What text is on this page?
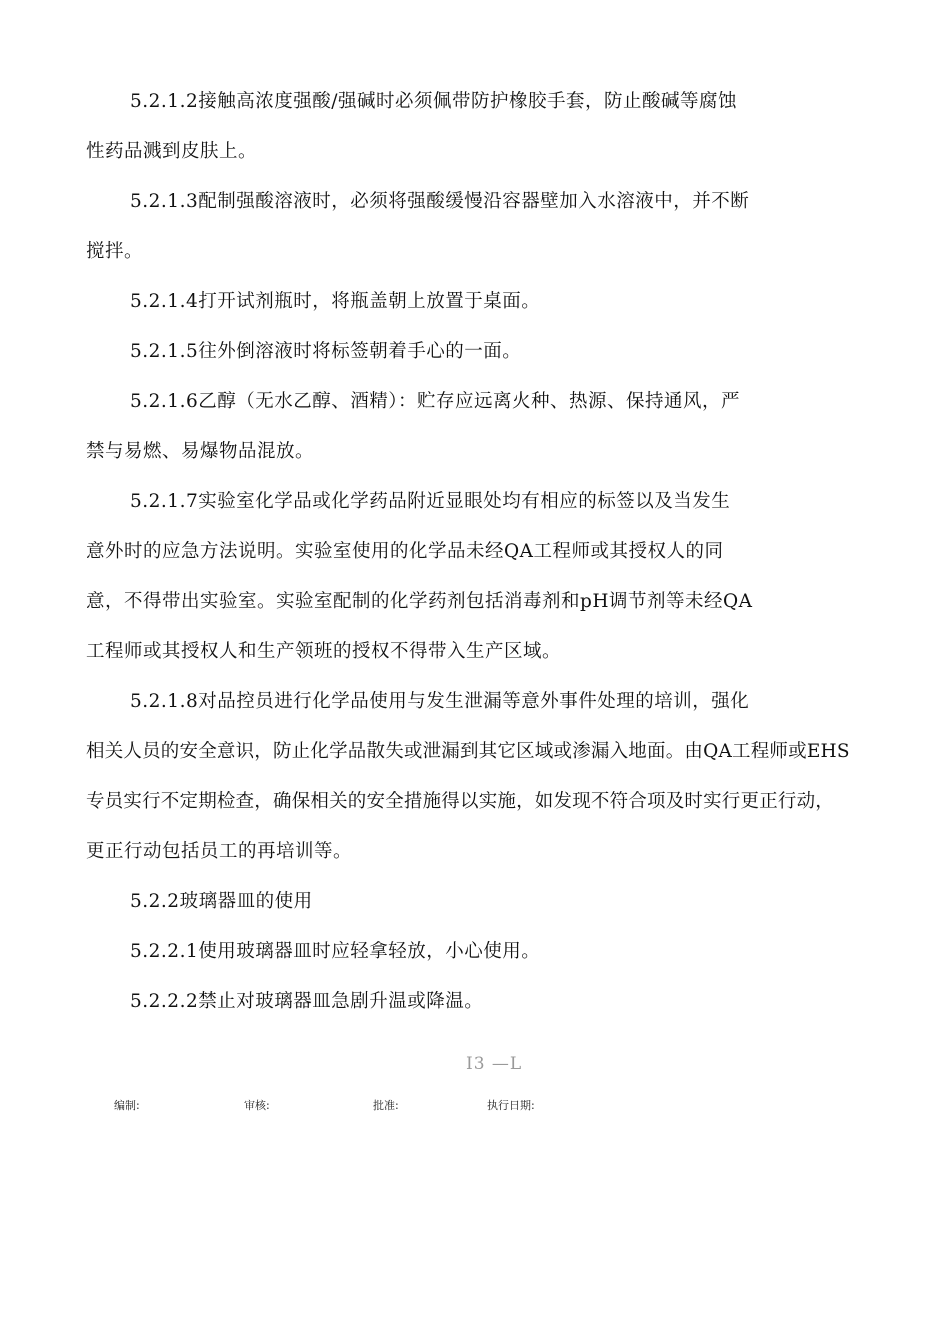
5.2.1.2接触高浓度强酸/强碱时必须佩带防护橡胶手套，防止酸碱等腐蚀
性药品溅到皮肤上。
5.2.1.3配制强酸溶液时，必须将强酸缓慢沿容器壁加入水溶液中，并不断
搅拌。
5.2.1.4打开试剂瓶时，将瓶盖朝上放置于桌面。
5.2.1.5往外倒溶液时将标签朝着手心的一面。
5.2.1.6乙醇（无水乙醇、酒精）：贮存应远离火种、热源、保持通风，严
禁与易燃、易爆物品混放。
5.2.1.7实验室化学品或化学药品附近显眼处均有相应的标签以及当发生
意外时的应急方法说明。实验室使用的化学品未经QA工程师或其授权人的同
意，不得带出实验室。实验室配制的化学药剂包括消毒剂和pH调节剂等未经QA
工程师或其授权人和生产领班的授权不得带入生产区域。
5.2.1.8对品控员进行化学品使用与发生泄漏等意外事件处理的培训，强化
相关人员的安全意识，防止化学品散失或泄漏到其它区域或渗漏入地面。由QA工程师或EHS
专员实行不定期检查，确保相关的安全措施得以实施，如发现不符合项及时实行更正行动，
更正行动包括员工的再培训等。
5.2.2玻璃器皿的使用
5.2.2.1使用玻璃器皿时应轻拿轻放，小心使用。
5.2.2.2禁止对玻璃器皿急剧升温或降温。
I3 —L
编制:	审核:	批准:	执行日期:
